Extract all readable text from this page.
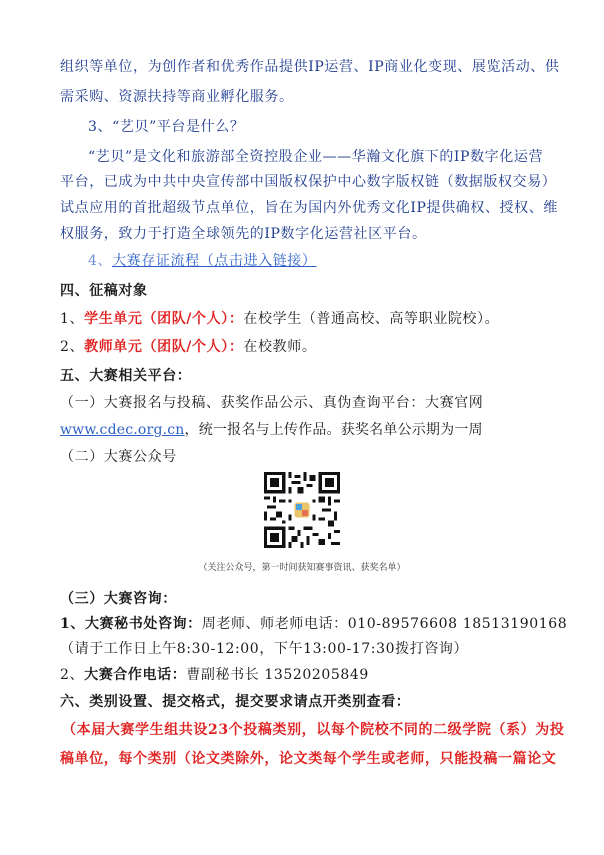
组织等单位，为创作者和优秀作品提供IP运营、IP商业化变现、展览活动、供
需采购、资源扶持等商业孵化服务。
3、“艺贝”平台是什么？
“艺贝”是文化和旅游部全资控股企业——华瀚文化旗下的IP数字化运营
平台，已成为中共中央宣传部中国版权保护中心数字版权链（数据版权交易）
试点应用的首批超级节点单位，旨在为国内外优秀文化IP提供确权、授权、维
权服务，致力于打造全球领先的IP数字化运营社区平台。
4、大赛存证流程（点击进入链接）
四、征稿对象
1、学生单元（团队/个人）：在校学生（普通高校、高等职业院校）。
2、教师单元（团队/个人）：在校教师。
五、大赛相关平台：
（一）大赛报名与投稿、获奖作品公示、真伪查询平台：大赛官网
www.cdec.org.cn，统一报名与上传作品。获奖名单公示期为一周
（二）大赛公众号
（关注公众号，第一时间获知赛事资讯、获奖名单）
（三）大赛咨询：
1、大赛秘书处咨询：周老师、师老师电话：010-89576608 18513190168
（请于工作日上午8:30-12:00，下午13:00-17:30拨打咨询）
2、大赛合作电话：曹副秘书长 13520205849
六、类别设置、提交格式，提交要求请点开类别查看：
（本届大赛学生组共设23个投稿类别，以每个院校不同的二级学院（系）为投
稿单位，每个类别（论文类除外，论文类每个学生或老师，只能投稿一篇论文
